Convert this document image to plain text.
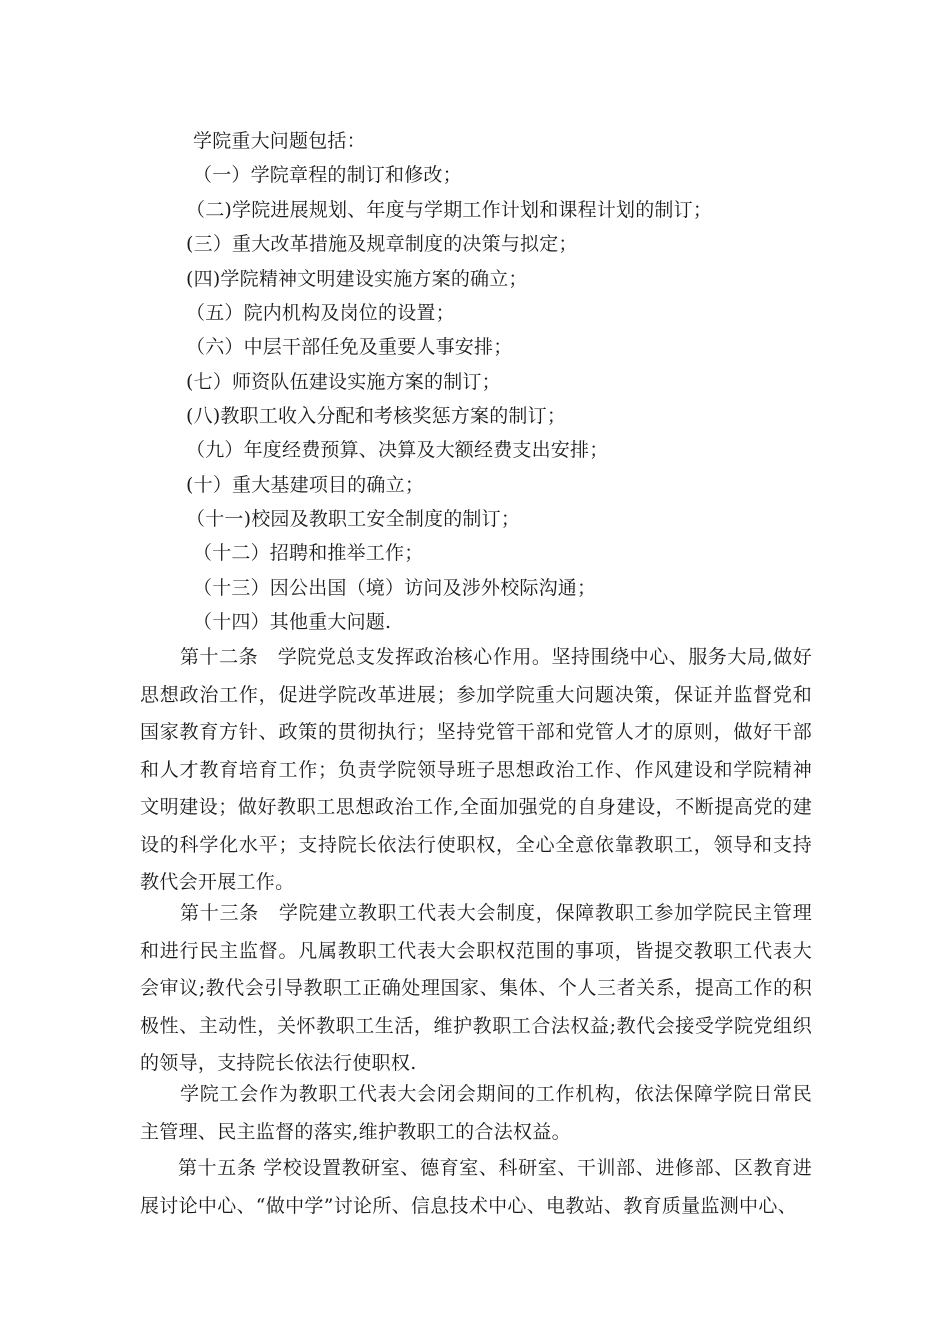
学院重大问题包括：
（一）学院章程的制订和修改；
（二)学院进展规划、年度与学期工作计划和课程计划的制订；
(三）重大改革措施及规章制度的决策与拟定；
(四)学院精神文明建设实施方案的确立；
（五）院内机构及岗位的设置；
（六）中层干部任免及重要人事安排；
(七）师资队伍建设实施方案的制订；
(八)教职工收入分配和考核奖惩方案的制订；
（九）年度经费预算、决算及大额经费支出安排；
(十）重大基建项目的确立；
（十一)校园及教职工安全制度的制订；
（十二）招聘和推举工作；
（十三）因公出国（境）访问及涉外校际沟通；
（十四）其他重大问题.
第十二条　学院党总支发挥政治核心作用。坚持围绕中心、服务大局,做好思想政治工作，促进学院改革进展；参加学院重大问题决策，保证并监督党和国家教育方针、政策的贯彻执行；坚持党管干部和党管人才的原则，做好干部和人才教育培育工作；负责学院领导班子思想政治工作、作风建设和学院精神文明建设；做好教职工思想政治工作,全面加强党的自身建设，不断提高党的建设的科学化水平；支持院长依法行使职权，全心全意依靠教职工，领导和支持教代会开展工作。
第十三条　学院建立教职工代表大会制度，保障教职工参加学院民主管理和进行民主监督。凡属教职工代表大会职权范围的事项，皆提交教职工代表大会审议;教代会引导教职工正确处理国家、集体、个人三者关系，提高工作的积极性、主动性，关怀教职工生活，维护教职工合法权益;教代会接受学院党组织的领导，支持院长依法行使职权.
学院工会作为教职工代表大会闭会期间的工作机构，依法保障学院日常民主管理、民主监督的落实,维护教职工的合法权益。
第十五条 学校设置教研室、德育室、科研室、干训部、进修部、区教育进展讨论中心、“做中学”讨论所、信息技术中心、电教站、教育质量监测中心、
